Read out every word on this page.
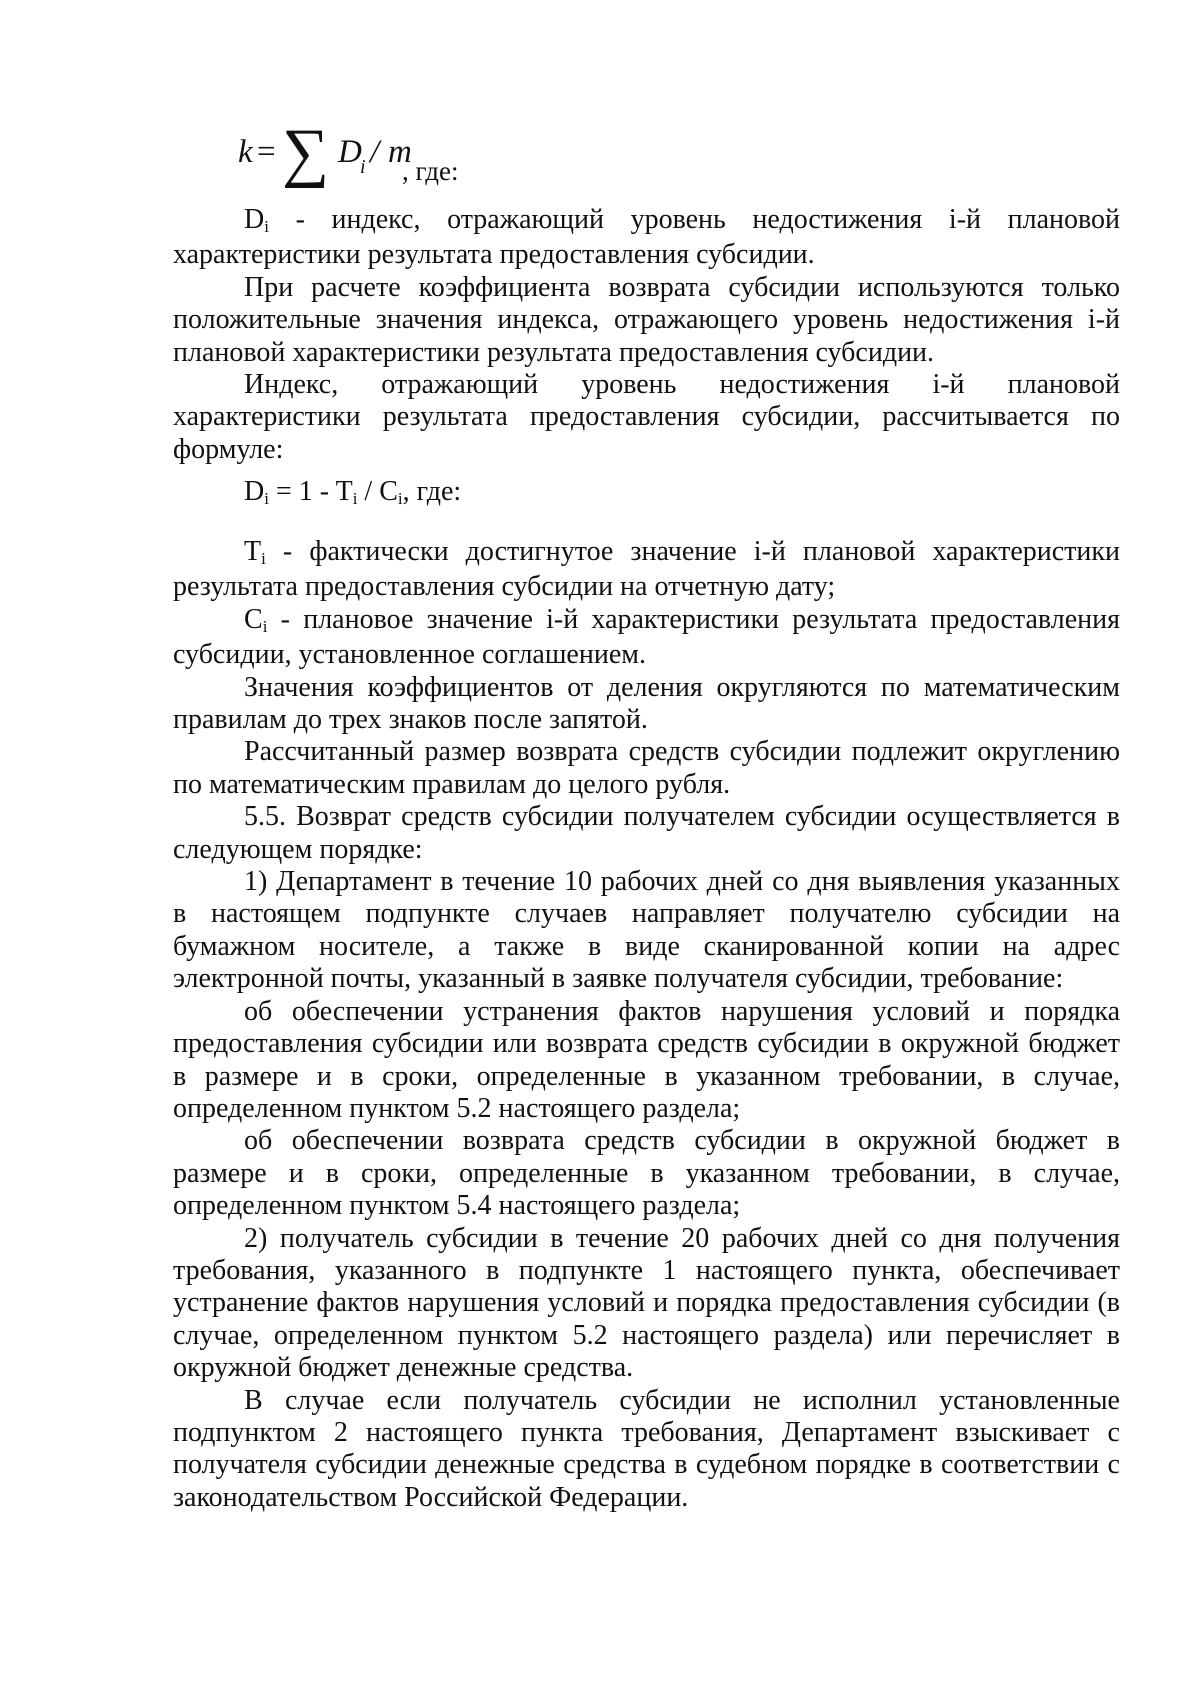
k = ∑ D
i / m
, где:

Di - индекс, отражающий уровень недостижения i-й плановой характеристики результата предоставления субсидии.

При расчете коэффициента возврата субсидии используются только положительные значения индекса, отражающего уровень недостижения i-й плановой характеристики результата предоставления субсидии.

Индекс, отражающий уровень недостижения i-й плановой характеристики результата предоставления субсидии, рассчитывается по формуле:

Di = 1 - Ti / Ci, где:

Ti - фактически достигнутое значение i-й плановой характеристики результата предоставления субсидии на отчетную дату;

Ci - плановое значение i-й характеристики результата предоставления субсидии, установленное соглашением.

Значения коэффициентов от деления округляются по математическим правилам до трех знаков после запятой.

Рассчитанный размер возврата средств субсидии подлежит округлению по математическим правилам до целого рубля.

5.5. Возврат средств субсидии получателем субсидии осуществляется в следующем порядке:

1) Департамент в течение 10 рабочих дней со дня выявления указанных в настоящем подпункте случаев направляет получателю субсидии на бумажном носителе, а также в виде сканированной копии на адрес электронной почты, указанный в заявке получателя субсидии, требование:

об обеспечении устранения фактов нарушения условий и порядка предоставления субсидии или возврата средств субсидии в окружной бюджет в размере и в сроки, определенные в указанном требовании, в случае, определенном пунктом 5.2 настоящего раздела;

об обеспечении возврата средств субсидии в окружной бюджет в размере и в сроки, определенные в указанном требовании, в случае, определенном пунктом 5.4 настоящего раздела;

2) получатель субсидии в течение 20 рабочих дней со дня получения требования, указанного в подпункте 1 настоящего пункта, обеспечивает устранение фактов нарушения условий и порядка предоставления субсидии (в случае, определенном пунктом 5.2 настоящего раздела) или перечисляет в окружной бюджет денежные средства.

В случае если получатель субсидии не исполнил установленные подпунктом 2 настоящего пункта требования, Департамент взыскивает с получателя субсидии денежные средства в судебном порядке в соответствии с законодательством Российской Федерации.
